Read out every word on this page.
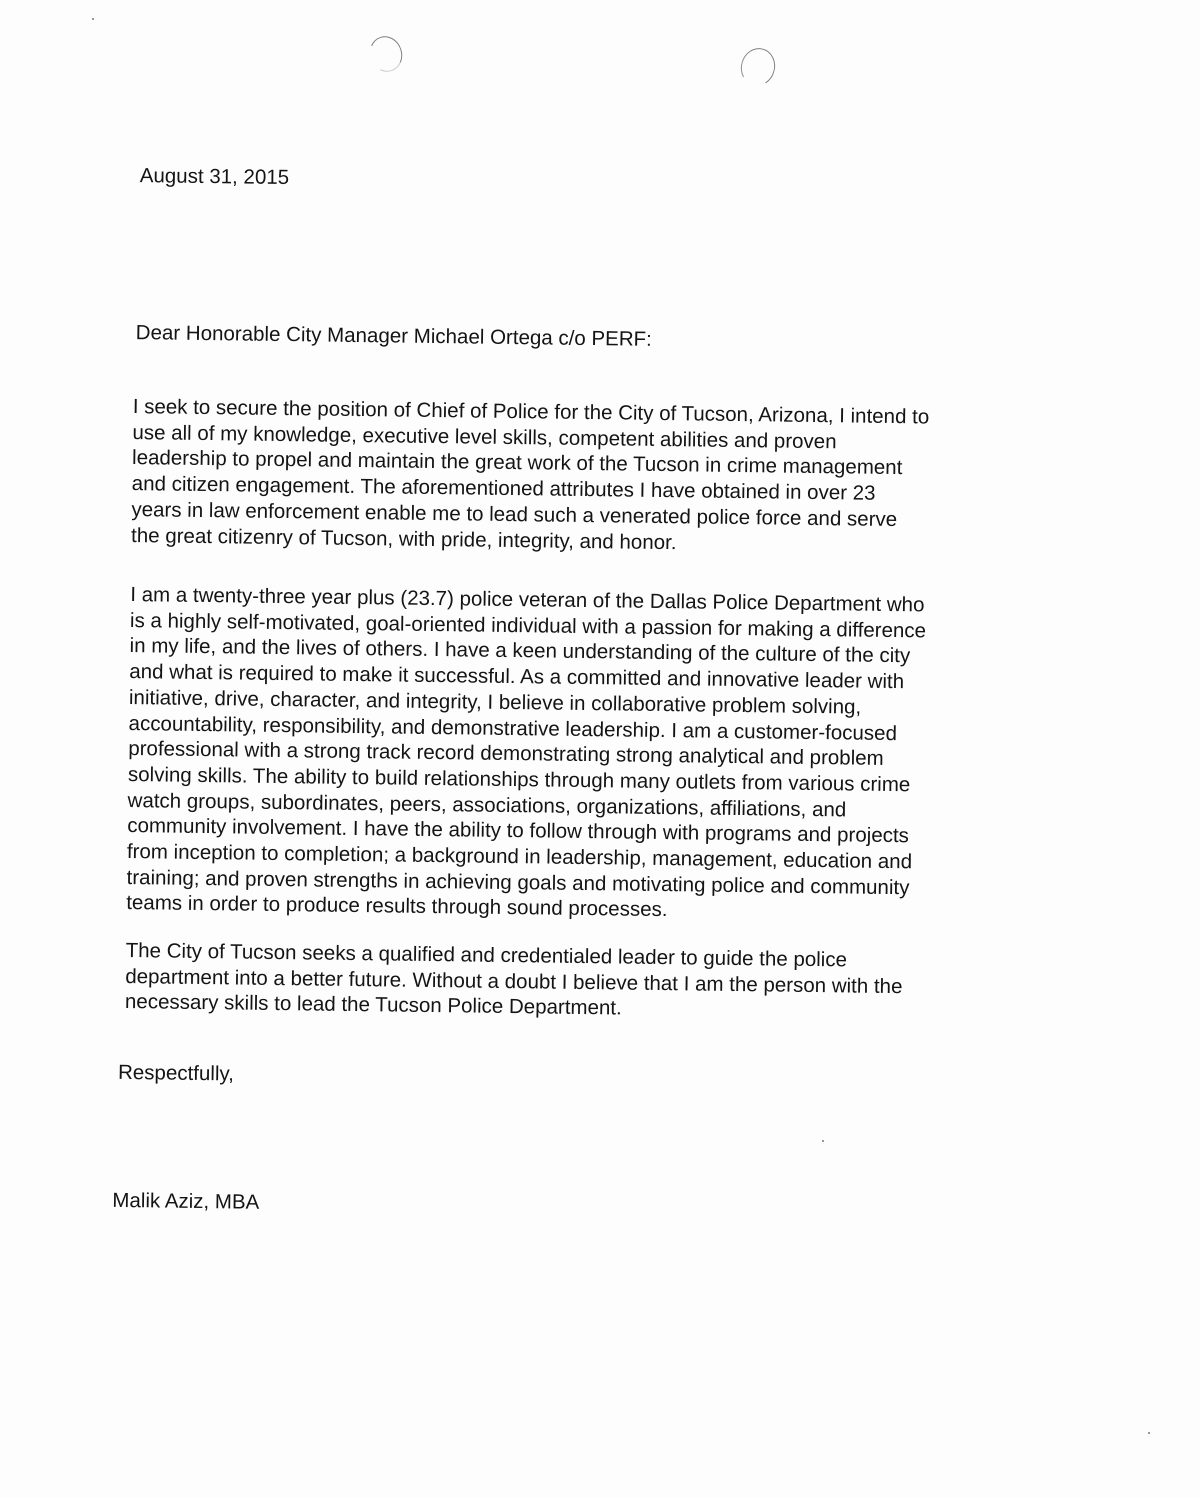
August 31, 2015

Dear Honorable City Manager Michael Ortega c/o PERF:

I seek to secure the position of Chief of Police for the City of Tucson, Arizona, I intend to
use all of my knowledge, executive level skills, competent abilities and proven
leadership to propel and maintain the great work of the Tucson in crime management
and citizen engagement. The aforementioned attributes I have obtained in over 23
years in law enforcement enable me to lead such a venerated police force and serve
the great citizenry of Tucson, with pride, integrity, and honor.

I am a twenty-three year plus (23.7) police veteran of the Dallas Police Department who
is a highly self-motivated, goal-oriented individual with a passion for making a difference
in my life, and the lives of others. I have a keen understanding of the culture of the city
and what is required to make it successful. As a committed and innovative leader with
initiative, drive, character, and integrity, I believe in collaborative problem solving,
accountability, responsibility, and demonstrative leadership. I am a customer-focused
professional with a strong track record demonstrating strong analytical and problem
solving skills. The ability to build relationships through many outlets from various crime
watch groups, subordinates, peers, associations, organizations, affiliations, and
community involvement. I have the ability to follow through with programs and projects
from inception to completion; a background in leadership, management, education and
training; and proven strengths in achieving goals and motivating police and community
teams in order to produce results through sound processes.

The City of Tucson seeks a qualified and credentialed leader to guide the police
department into a better future. Without a doubt I believe that I am the person with the
necessary skills to lead the Tucson Police Department.

Respectfully,

Malik Aziz, MBA
